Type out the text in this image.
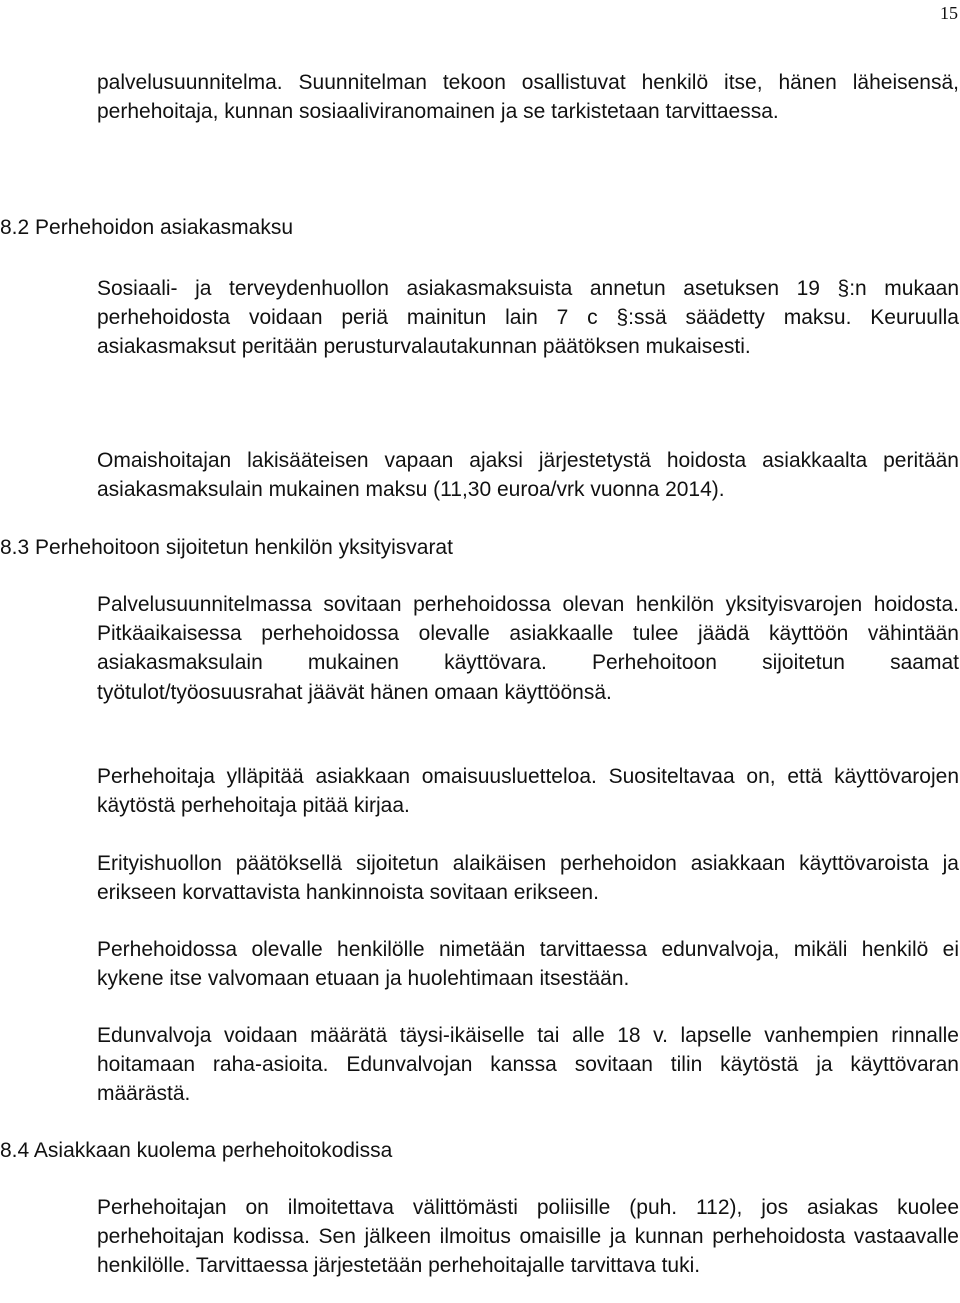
15

palvelusuunnitelma. Suunnitelman tekoon osallistuvat henkilö itse, hänen läheisensä, perhehoitaja, kunnan sosiaaliviranomainen ja se tarkistetaan tarvittaessa.

8.2 Perhehoidon asiakasmaksu

Sosiaali- ja terveydenhuollon asiakasmaksuista annetun asetuksen 19 §:n mukaan perhehoidosta voidaan periä mainitun lain 7 c §:ssä säädetty maksu. Keuruulla asiakasmaksut peritään perusturvalautakunnan päätöksen mukaisesti.

Omaishoitajan lakisääteisen vapaan ajaksi järjestetystä hoidosta asiakkaalta peritään asiakasmaksulain mukainen maksu (11,30 euroa/vrk vuonna 2014).

8.3 Perhehoitoon sijoitetun henkilön yksityisvarat

Palvelusuunnitelmassa sovitaan perhehoidossa olevan henkilön yksityisvarojen hoidosta. Pitkäaikaisessa perhehoidossa olevalle asiakkaalle tulee jäädä käyttöön vähintään asiakasmaksulain mukainen käyttövara. Perhehoitoon sijoitetun saamat työtulot/työosuusrahat jäävät hänen omaan käyttöönsä.

Perhehoitaja ylläpitää asiakkaan omaisuusluetteloa. Suositeltavaa on, että käyttövarojen käytöstä perhehoitaja pitää kirjaa.

Erityishuollon päätöksellä sijoitetun alaikäisen perhehoidon asiakkaan käyttövaroista ja erikseen korvattavista hankinnoista sovitaan erikseen.

Perhehoidossa olevalle henkilölle nimetään tarvittaessa edunvalvoja, mikäli henkilö ei kykene itse valvomaan etuaan ja huolehtimaan itsestään.

Edunvalvoja voidaan määrätä täysi-ikäiselle tai alle 18 v. lapselle vanhempien rinnalle hoitamaan raha-asioita. Edunvalvojan kanssa sovitaan tilin käytöstä ja käyttövaran määrästä.

8.4 Asiakkaan kuolema perhehoitokodissa

Perhehoitajan on ilmoitettava välittömästi poliisille (puh. 112), jos asiakas kuolee perhehoitajan kodissa. Sen jälkeen ilmoitus omaisille ja kunnan perhehoidosta vastaavalle henkilölle. Tarvittaessa järjestetään perhehoitajalle tarvittava tuki.
